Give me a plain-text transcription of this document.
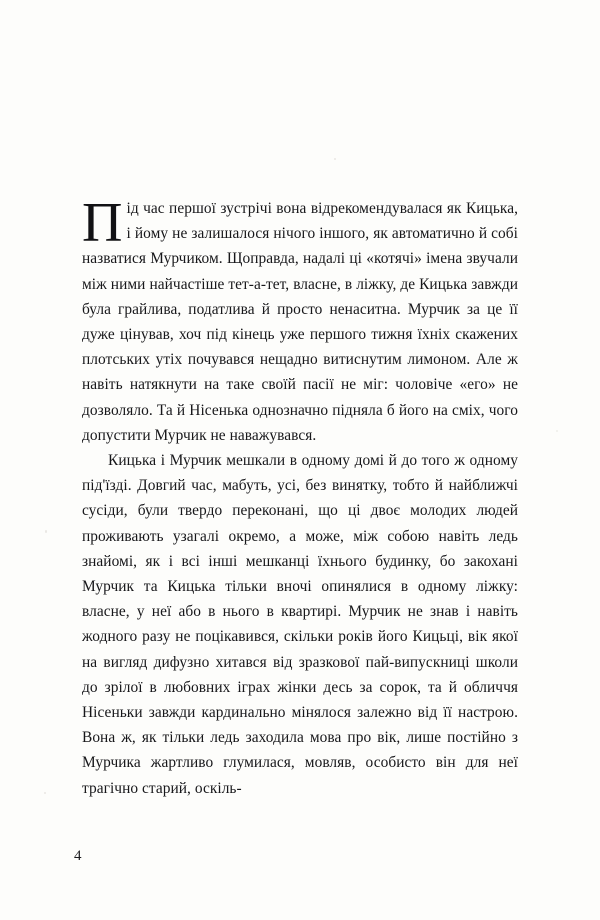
Під час першої зустрічі вона відрекомендувалася як Кицька, і йому не залишалося нічого іншого, як автоматично й собі назватися Мурчиком. Щоправда, надалі ці «котячі» імена звучали між ними найчастіше тет-а-тет, власне, в ліжку, де Кицька завжди була грайлива, податлива й просто ненаситна. Мурчик за це її дуже цінував, хоч під кінець уже першого тижня їхніх скажених плотських утіх почувався нещадно витиснутим лимоном. Але ж навіть натякнути на таке своїй пасії не міг: чоловіче «его» не дозволяло. Та й Нісенька однозначно підняла б його на сміх, чого допустити Мурчик не наважувався.

Кицька і Мурчик мешкали в одному домі й до того ж одному під'їзді. Довгий час, мабуть, усі, без винятку, тобто й найближчі сусіди, були твердо переконані, що ці двоє молодих людей проживають узагалі окремо, а може, між собою навіть ледь знайомі, як і всі інші мешканці їхнього будинку, бо закохані Мурчик та Кицька тільки вночі опинялися в одному ліжку: власне, у неї або в нього в квартирі. Мурчик не знав і навіть жодного разу не поцікавився, скільки років його Кицьці, вік якої на вигляд дифузно хитався від зразкової пай-випускниці школи до зрілої в любовних іграх жінки десь за сорок, та й обличчя Нісеньки завжди кардинально мінялося залежно від її настрою. Вона ж, як тільки ледь заходила мова про вік, лише постійно з Мурчика жартливо глумилася, мовляв, особисто він для неї трагічно старий, оскіль-

4
